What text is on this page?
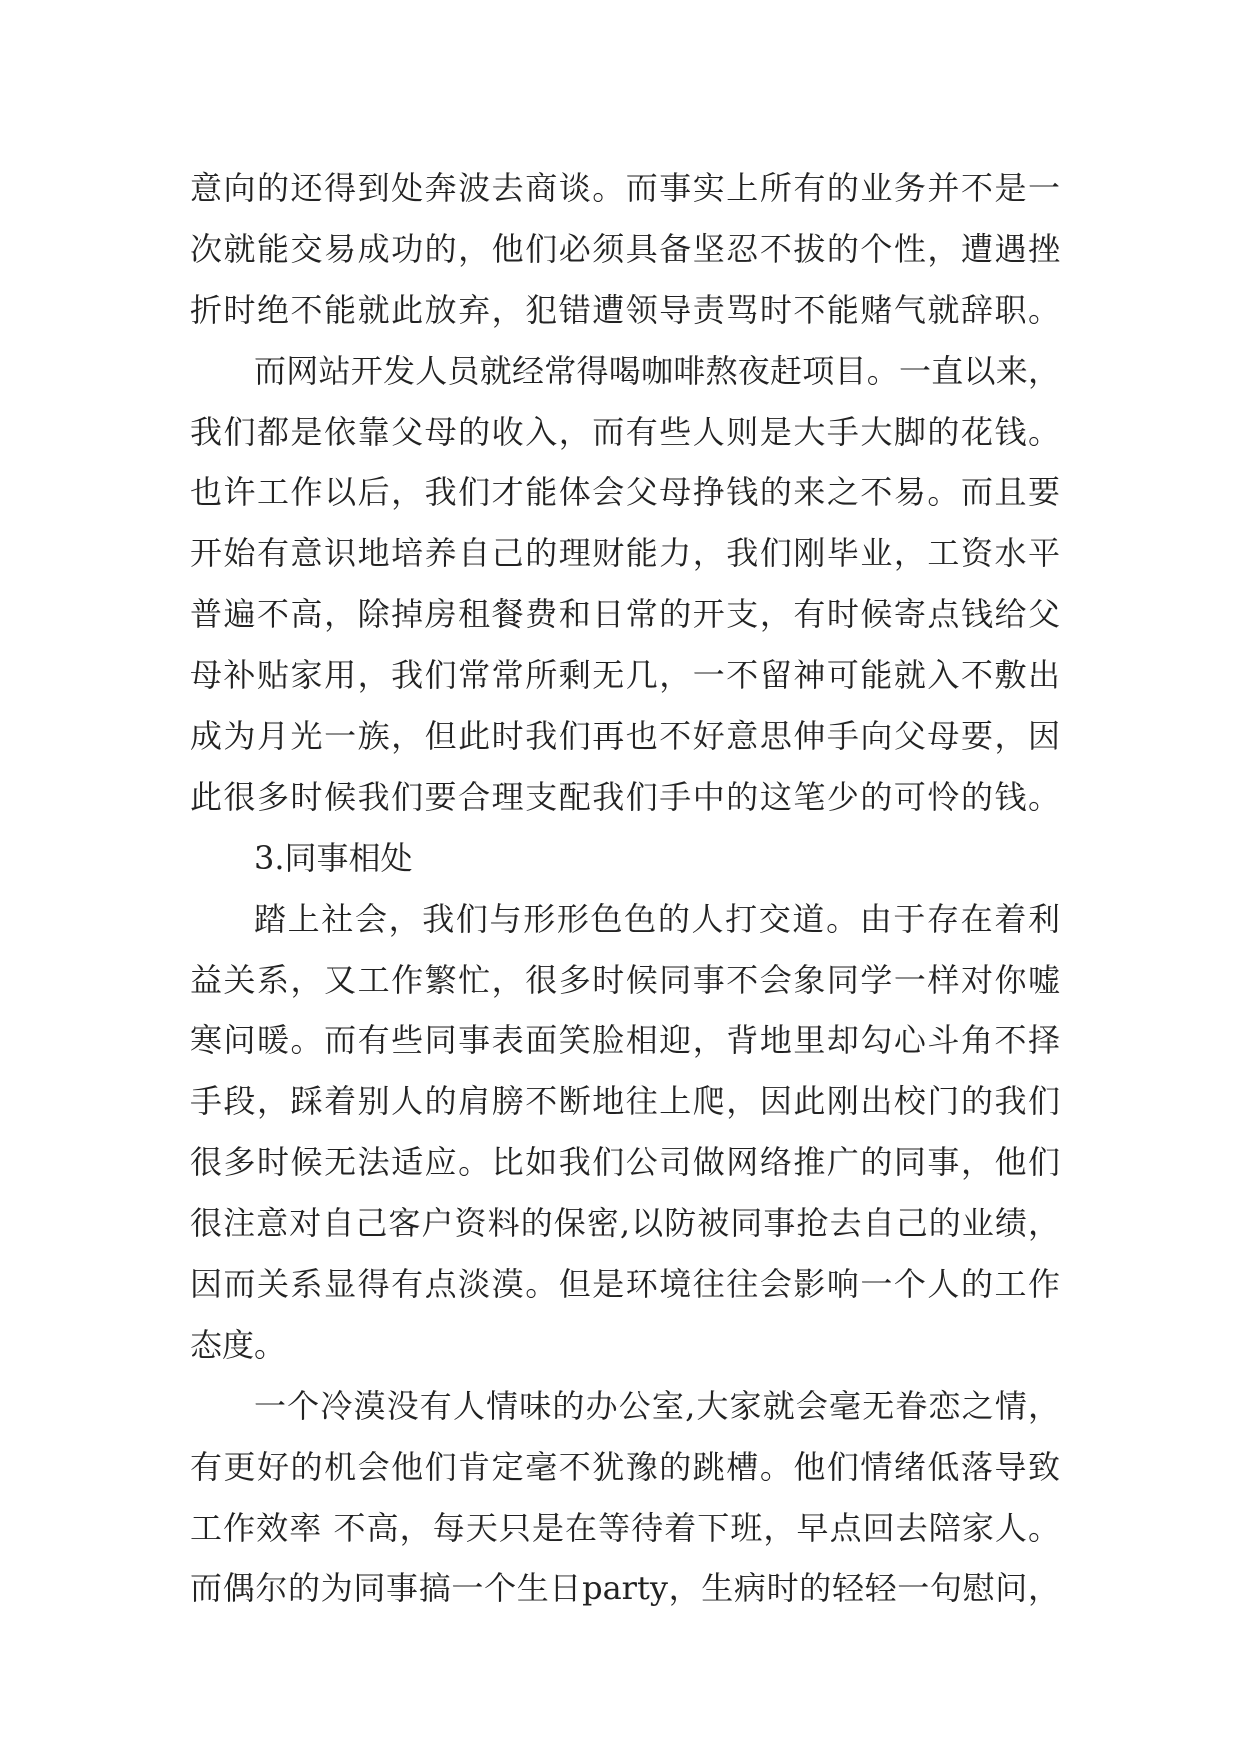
意向的还得到处奔波去商谈。而事实上所有的业务并不是一
次就能交易成功的，他们必须具备坚忍不拔的个性，遭遇挫
折时绝不能就此放弃，犯错遭领导责骂时不能赌气就辞职。
而网站开发人员就经常得喝咖啡熬夜赶项目。一直以来，
我们都是依靠父母的收入，而有些人则是大手大脚的花钱。
也许工作以后，我们才能体会父母挣钱的来之不易。而且要
开始有意识地培养自己的理财能力，我们刚毕业，工资水平
普遍不高，除掉房租餐费和日常的开支，有时候寄点钱给父
母补贴家用，我们常常所剩无几，一不留神可能就入不敷出
成为月光一族，但此时我们再也不好意思伸手向父母要，因
此很多时候我们要合理支配我们手中的这笔少的可怜的钱。
3.同事相处
踏上社会，我们与形形色色的人打交道。由于存在着利
益关系，又工作繁忙，很多时候同事不会象同学一样对你嘘
寒问暖。而有些同事表面笑脸相迎，背地里却勾心斗角不择
手段，踩着别人的肩膀不断地往上爬，因此刚出校门的我们
很多时候无法适应。比如我们公司做网络推广的同事，他们
很注意对自己客户资料的保密,以防被同事抢去自己的业绩，
因而关系显得有点淡漠。但是环境往往会影响一个人的工作
态度。
一个冷漠没有人情味的办公室,大家就会毫无眷恋之情，
有更好的机会他们肯定毫不犹豫的跳槽。他们情绪低落导致
工作效率 不高，每天只是在等待着下班，早点回去陪家人。
而偶尔的为同事搞一个生日party，生病时的轻轻一句慰问，
